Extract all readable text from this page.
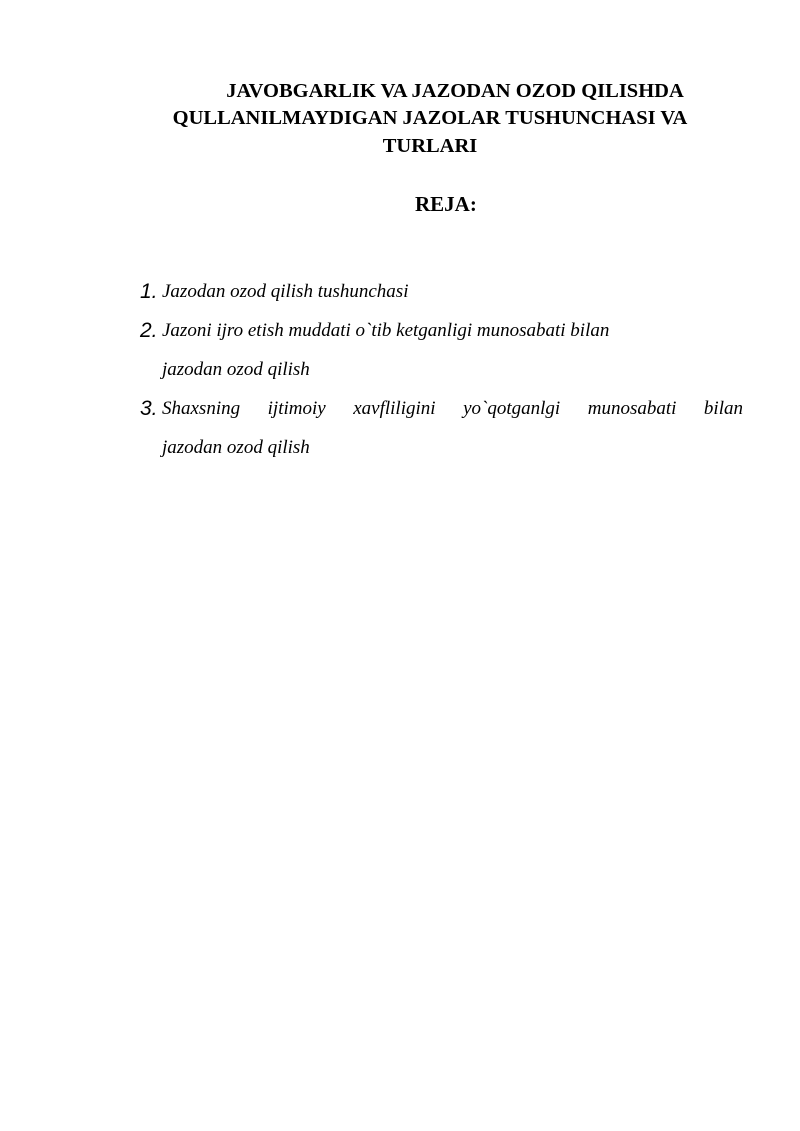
JAVOBGARLIK VA JAZODAN OZOD QILISHDA

QULLANILMAYDIGAN JAZOLAR TUSHUNCHASI VA

TURLARI

REJA:

1. Jazodan ozod qilish tushunchasi
2. Jazoni ijro etish muddati o`tib ketganligi munosabati bilan
jazodan ozod qilish
3. Shaxsning ijtimoiy xavfliligini yo`qotganlgi munosabati bilan
jazodan ozod qilish
